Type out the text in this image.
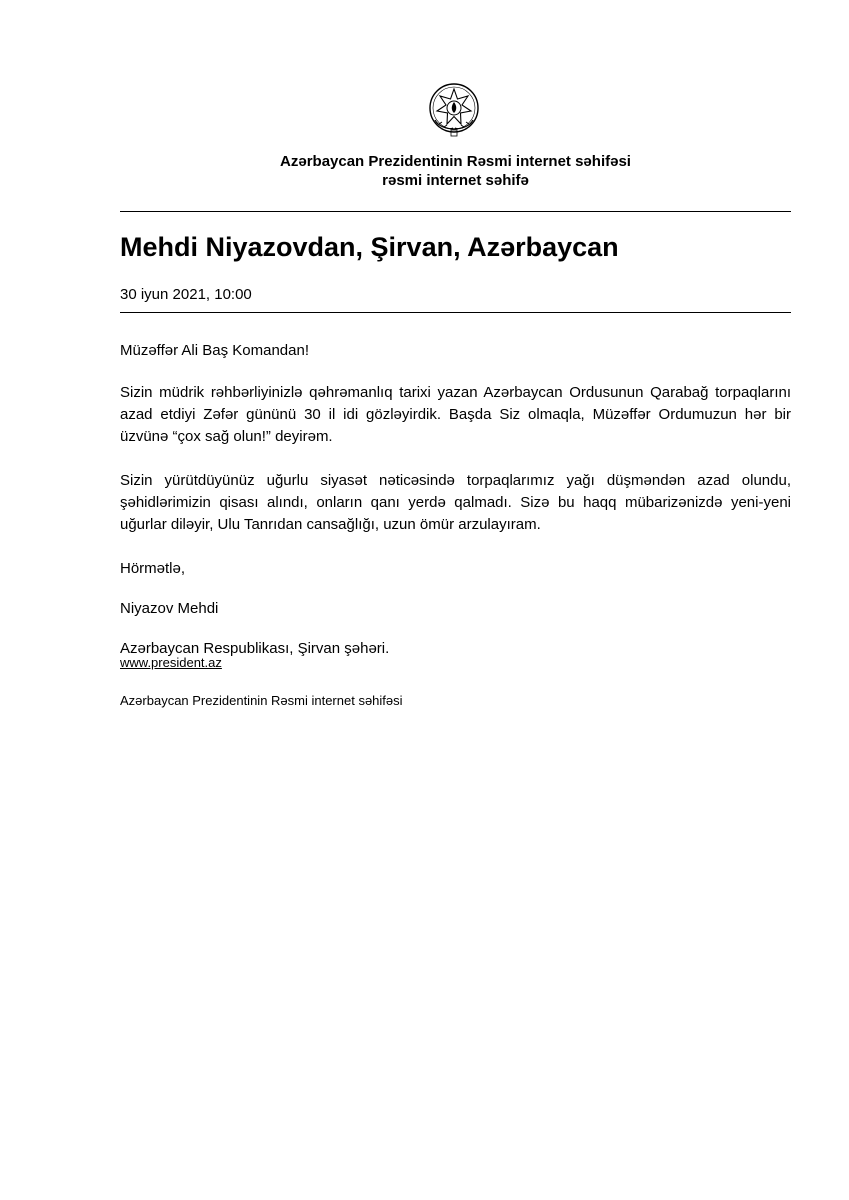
Azərbaycan Prezidentinin Rəsmi internet səhifəsi
rəsmi internet səhifə
Mehdi Niyazovdan, Şirvan, Azərbaycan
30 iyun 2021, 10:00

Müzəffər Ali Baş Komandan!

Sizin müdrik rəhbərliyinizlə qəhrəmanlıq tarixi yazan Azərbaycan Ordusunun Qarabağ torpaqlarını azad etdiyi Zəfər gününü 30 il idi gözləyirdik. Başda Siz olmaqla, Müzəffər Ordumuzun hər bir üzvünə “çox sağ olun!” deyirəm.

Sizin yürütdüyünüz uğurlu siyasət nəticəsində torpaqlarımız yağı düşməndən azad olundu, şəhidlərimizin qisası alındı, onların qanı yerdə qalmadı. Sizə bu haqq mübarizənizdə yeni-yeni uğurlar diləyir, Ulu Tanrıdan cansağlığı, uzun ömür arzulayıram.

Hörmətlə,

Niyazov Mehdi

Azərbaycan Respublikası, Şirvan şəhəri.

www.president.az
Azərbaycan Prezidentinin Rəsmi internet səhifəsi
